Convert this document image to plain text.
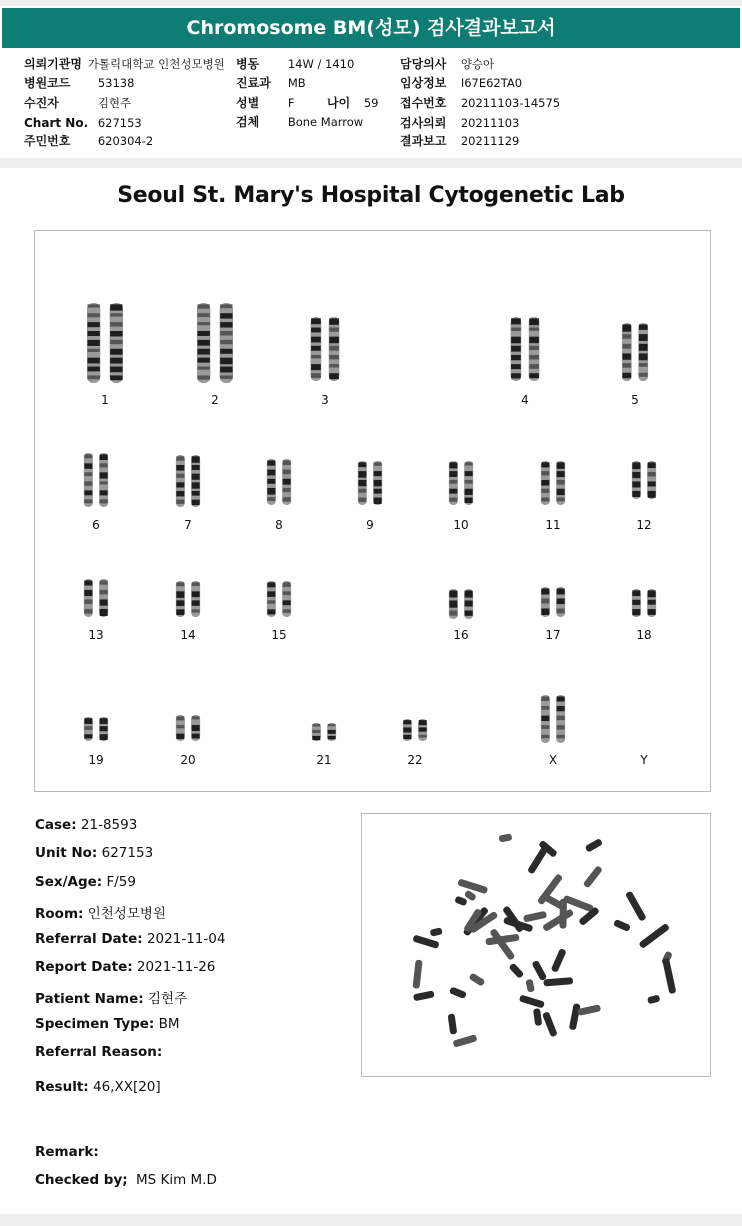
Chromosome BM(성모) 검사결과보고서
의뢰기관명 가톨릭대학교 인천성모병원
병원코드 53138
수진자	김현주
Chart No. 627153
주민번호 620304-2
병동 14W / 1410
진료과 MB
성별 F	나이 59
검체 Bone Marrow
담당의사 양승아
임상정보 I67E62TA0
접수번호 20211103-14575
검사의뢰 20211103
결과보고 20211129
Seoul St. Mary's Hospital Cytogenetic Lab
1	2	3	4	5
6	7	8	9	10	11	12
13	14	15	16	17	18
19	20	21	22	X	Y
Case: 21-8593
Unit No: 627153
Sex/Age: F/59
Room: 인천성모병원
Referral Date: 2021-11-04
Report Date: 2021-11-26
Patient Name: 김현주
Specimen Type: BM
Referral Reason:
Result: 46,XX[20]
Remark:
Checked by; MS Kim M.D
